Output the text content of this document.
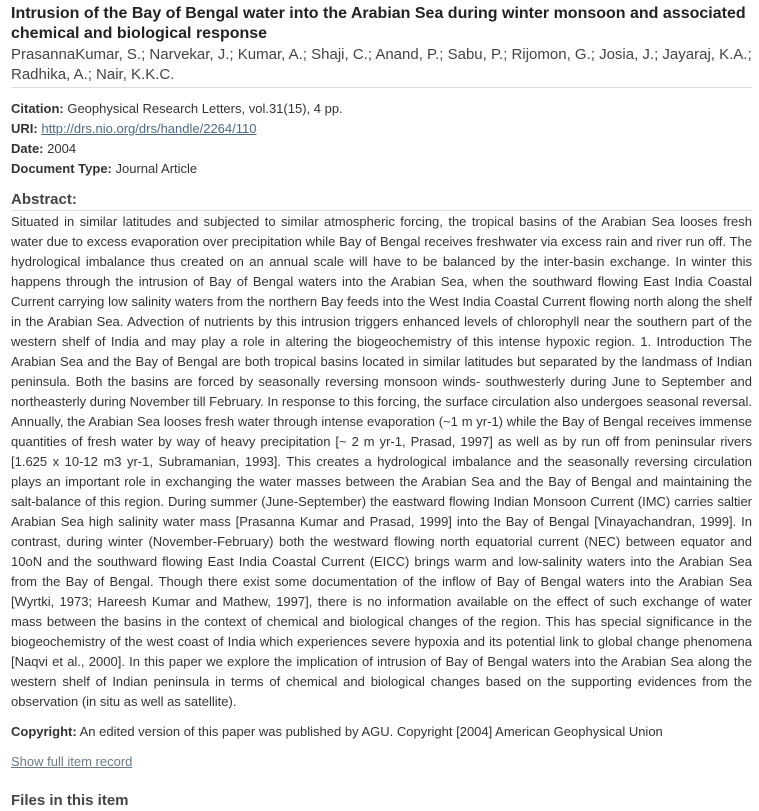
Intrusion of the Bay of Bengal water into the Arabian Sea during winter monsoon and associated chemical and biological response
PrasannaKumar, S.; Narvekar, J.; Kumar, A.; Shaji, C.; Anand, P.; Sabu, P.; Rijomon, G.; Josia, J.; Jayaraj, K.A.; Radhika, A.; Nair, K.K.C.
Citation: Geophysical Research Letters, vol.31(15), 4 pp.
URI: http://drs.nio.org/drs/handle/2264/110
Date: 2004
Document Type: Journal Article
Abstract:
Situated in similar latitudes and subjected to similar atmospheric forcing, the tropical basins of the Arabian Sea looses fresh water due to excess evaporation over precipitation while Bay of Bengal receives freshwater via excess rain and river run off. The hydrological imbalance thus created on an annual scale will have to be balanced by the inter-basin exchange. In winter this happens through the intrusion of Bay of Bengal waters into the Arabian Sea, when the southward flowing East India Coastal Current carrying low salinity waters from the northern Bay feeds into the West India Coastal Current flowing north along the shelf in the Arabian Sea. Advection of nutrients by this intrusion triggers enhanced levels of chlorophyll near the southern part of the western shelf of India and may play a role in altering the biogeochemistry of this intense hypoxic region. 1. Introduction The Arabian Sea and the Bay of Bengal are both tropical basins located in similar latitudes but separated by the landmass of Indian peninsula. Both the basins are forced by seasonally reversing monsoon winds- southwesterly during June to September and northeasterly during November till February. In response to this forcing, the surface circulation also undergoes seasonal reversal. Annually, the Arabian Sea looses fresh water through intense evaporation (~1 m yr-1) while the Bay of Bengal receives immense quantities of fresh water by way of heavy precipitation [~ 2 m yr-1, Prasad, 1997] as well as by run off from peninsular rivers [1.625 x 10-12 m3 yr-1, Subramanian, 1993]. This creates a hydrological imbalance and the seasonally reversing circulation plays an important role in exchanging the water masses between the Arabian Sea and the Bay of Bengal and maintaining the salt-balance of this region. During summer (June-September) the eastward flowing Indian Monsoon Current (IMC) carries saltier Arabian Sea high salinity water mass [Prasanna Kumar and Prasad, 1999] into the Bay of Bengal [Vinayachandran, 1999]. In contrast, during winter (November-February) both the westward flowing north equatorial current (NEC) between equator and 10oN and the southward flowing East India Coastal Current (EICC) brings warm and low-salinity waters into the Arabian Sea from the Bay of Bengal. Though there exist some documentation of the inflow of Bay of Bengal waters into the Arabian Sea [Wyrtki, 1973; Hareesh Kumar and Mathew, 1997], there is no information available on the effect of such exchange of water mass between the basins in the context of chemical and biological changes of the region. This has special significance in the biogeochemistry of the west coast of India which experiences severe hypoxia and its potential link to global change phenomena [Naqvi et al., 2000]. In this paper we explore the implication of intrusion of Bay of Bengal waters into the Arabian Sea along the western shelf of Indian peninsula in terms of chemical and biological changes based on the supporting evidences from the observation (in situ as well as satellite).
Copyright: An edited version of this paper was published by AGU. Copyright [2004] American Geophysical Union
Show full item record
Files in this item
